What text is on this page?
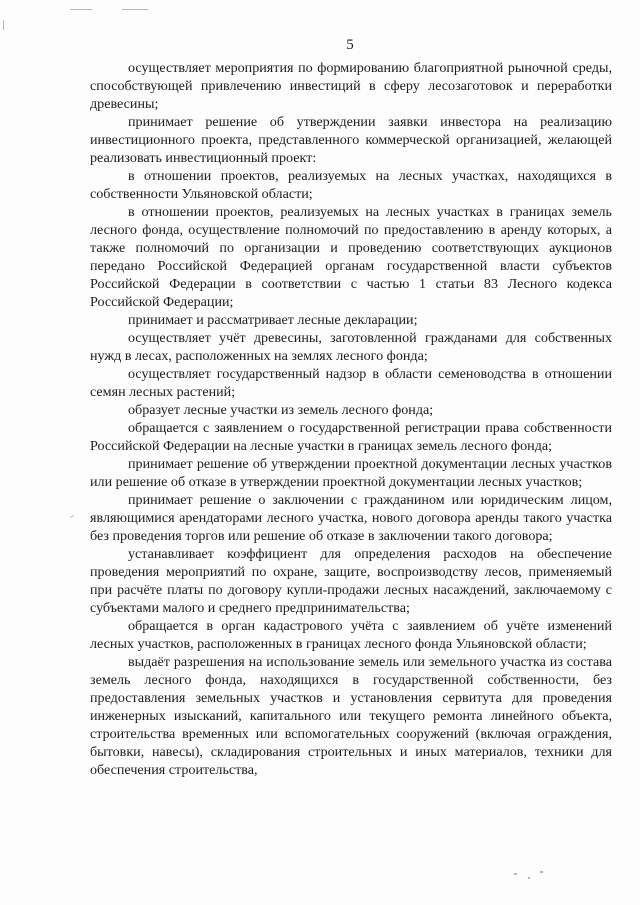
5

осуществляет мероприятия по формированию благоприятной рыночной среды, способствующей привлечению инвестиций в сферу лесозаготовок и переработки древесины;

принимает решение об утверждении заявки инвестора на реализацию инвестиционного проекта, представленного коммерческой организацией, желающей реализовать инвестиционный проект:

в отношении проектов, реализуемых на лесных участках, находящихся в собственности Ульяновской области;

в отношении проектов, реализуемых на лесных участках в границах земель лесного фонда, осуществление полномочий по предоставлению в аренду которых, а также полномочий по организации и проведению соответствующих аукционов передано Российской Федерацией органам государственной власти субъектов Российской Федерации в соответствии с частью 1 статьи 83 Лесного кодекса Российской Федерации;

принимает и рассматривает лесные декларации;

осуществляет учёт древесины, заготовленной гражданами для собственных нужд в лесах, расположенных на землях лесного фонда;

осуществляет государственный надзор в области семеноводства в отношении семян лесных растений;

образует лесные участки из земель лесного фонда;

обращается с заявлением о государственной регистрации права собственности Российской Федерации на лесные участки в границах земель лесного фонда;

принимает решение об утверждении проектной документации лесных участков или решение об отказе в утверждении проектной документации лесных участков;

принимает решение о заключении с гражданином или юридическим лицом, являющимися арендаторами лесного участка, нового договора аренды такого участка без проведения торгов или решение об отказе в заключении такого договора;

устанавливает коэффициент для определения расходов на обеспечение проведения мероприятий по охране, защите, воспроизводству лесов, применяемый при расчёте платы по договору купли-продажи лесных насаждений, заключаемому с субъектами малого и среднего предпринимательства;

обращается в орган кадастрового учёта с заявлением об учёте изменений лесных участков, расположенных в границах лесного фонда Ульяновской области;

выдаёт разрешения на использование земель или земельного участка из состава земель лесного фонда, находящихся в государственной собственности, без предоставления земельных участков и установления сервитута для проведения инженерных изысканий, капитального или текущего ремонта линейного объекта, строительства временных или вспомогательных сооружений (включая ограждения, бытовки, навесы), складирования строительных и иных материалов, техники для обеспечения строительства,
